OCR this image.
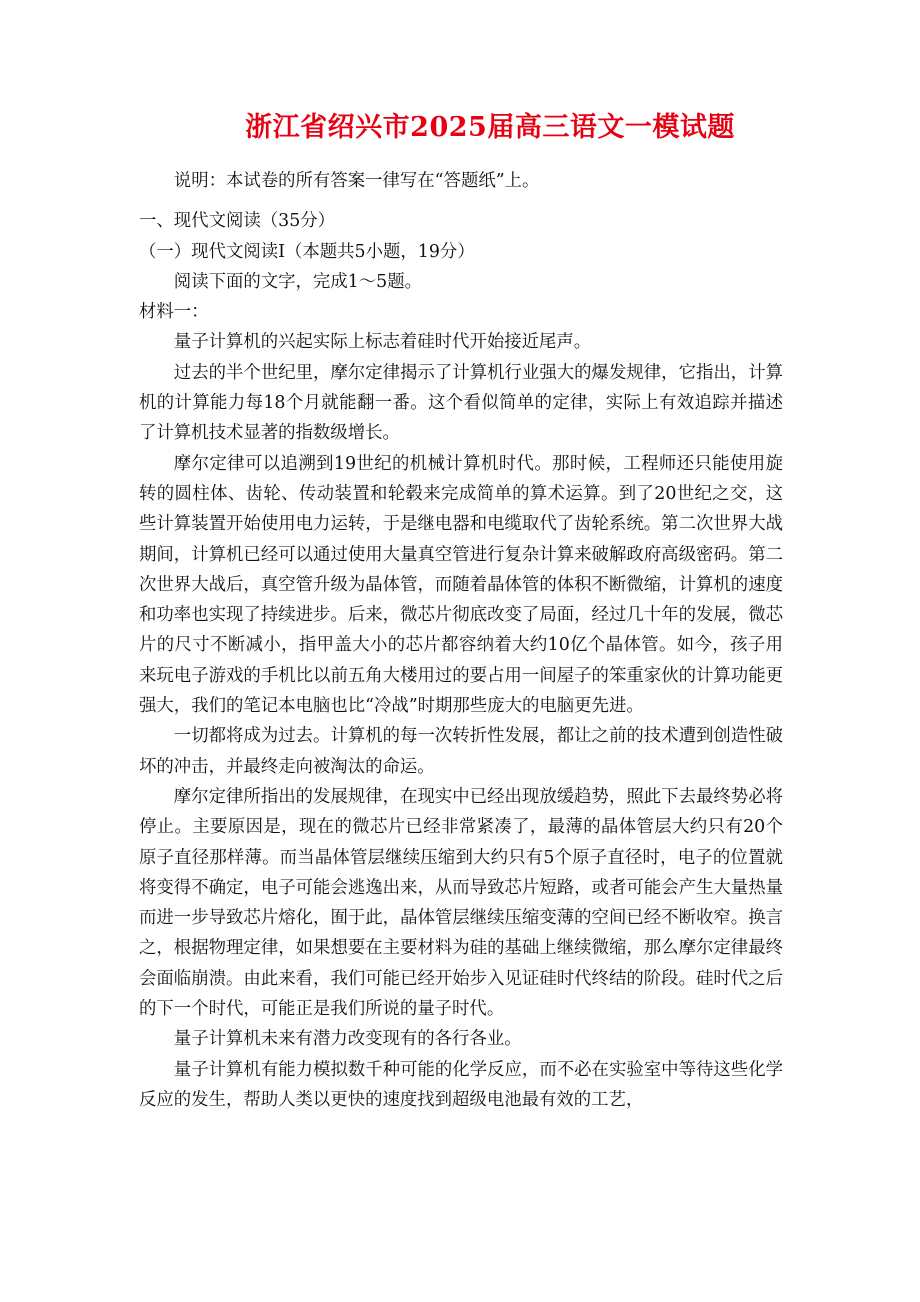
浙江省绍兴市2025届高三语文一模试题

说明：本试卷的所有答案一律写在“答题纸”上。

一、现代文阅读（35分）

（一）现代文阅读Ⅰ（本题共5小题，19分）

阅读下面的文字，完成1～5题。

材料一：

量子计算机的兴起实际上标志着硅时代开始接近尾声。

过去的半个世纪里，摩尔定律揭示了计算机行业强大的爆发规律，它指出，计算机的计算能力每18个月就能翻一番。这个看似简单的定律，实际上有效追踪并描述了计算机技术显著的指数级增长。

摩尔定律可以追溯到19世纪的机械计算机时代。那时候，工程师还只能使用旋转的圆柱体、齿轮、传动装置和轮毂来完成简单的算术运算。到了20世纪之交，这些计算装置开始使用电力运转，于是继电器和电缆取代了齿轮系统。第二次世界大战期间，计算机已经可以通过使用大量真空管进行复杂计算来破解政府高级密码。第二次世界大战后，真空管升级为晶体管，而随着晶体管的体积不断微缩，计算机的速度和功率也实现了持续进步。后来，微芯片彻底改变了局面，经过几十年的发展，微芯片的尺寸不断减小，指甲盖大小的芯片都容纳着大约10亿个晶体管。如今，孩子用来玩电子游戏的手机比以前五角大楼用过的要占用一间屋子的笨重家伙的计算功能更强大，我们的笔记本电脑也比“冷战”时期那些庞大的电脑更先进。

一切都将成为过去。计算机的每一次转折性发展，都让之前的技术遭到创造性破坏的冲击，并最终走向被淘汰的命运。

摩尔定律所指出的发展规律，在现实中已经出现放缓趋势，照此下去最终势必将停止。主要原因是，现在的微芯片已经非常紧凑了，最薄的晶体管层大约只有20个原子直径那样薄。而当晶体管层继续压缩到大约只有5个原子直径时，电子的位置就将变得不确定，电子可能会逃逸出来，从而导致芯片短路，或者可能会产生大量热量而进一步导致芯片熔化，囿于此，晶体管层继续压缩变薄的空间已经不断收窄。换言之，根据物理定律，如果想要在主要材料为硅的基础上继续微缩，那么摩尔定律最终会面临崩溃。由此来看，我们可能已经开始步入见证硅时代终结的阶段。硅时代之后的下一个时代，可能正是我们所说的量子时代。

量子计算机未来有潜力改变现有的各行各业。

量子计算机有能力模拟数千种可能的化学反应，而不必在实验室中等待这些化学反应的发生，帮助人类以更快的速度找到超级电池最有效的工艺，
